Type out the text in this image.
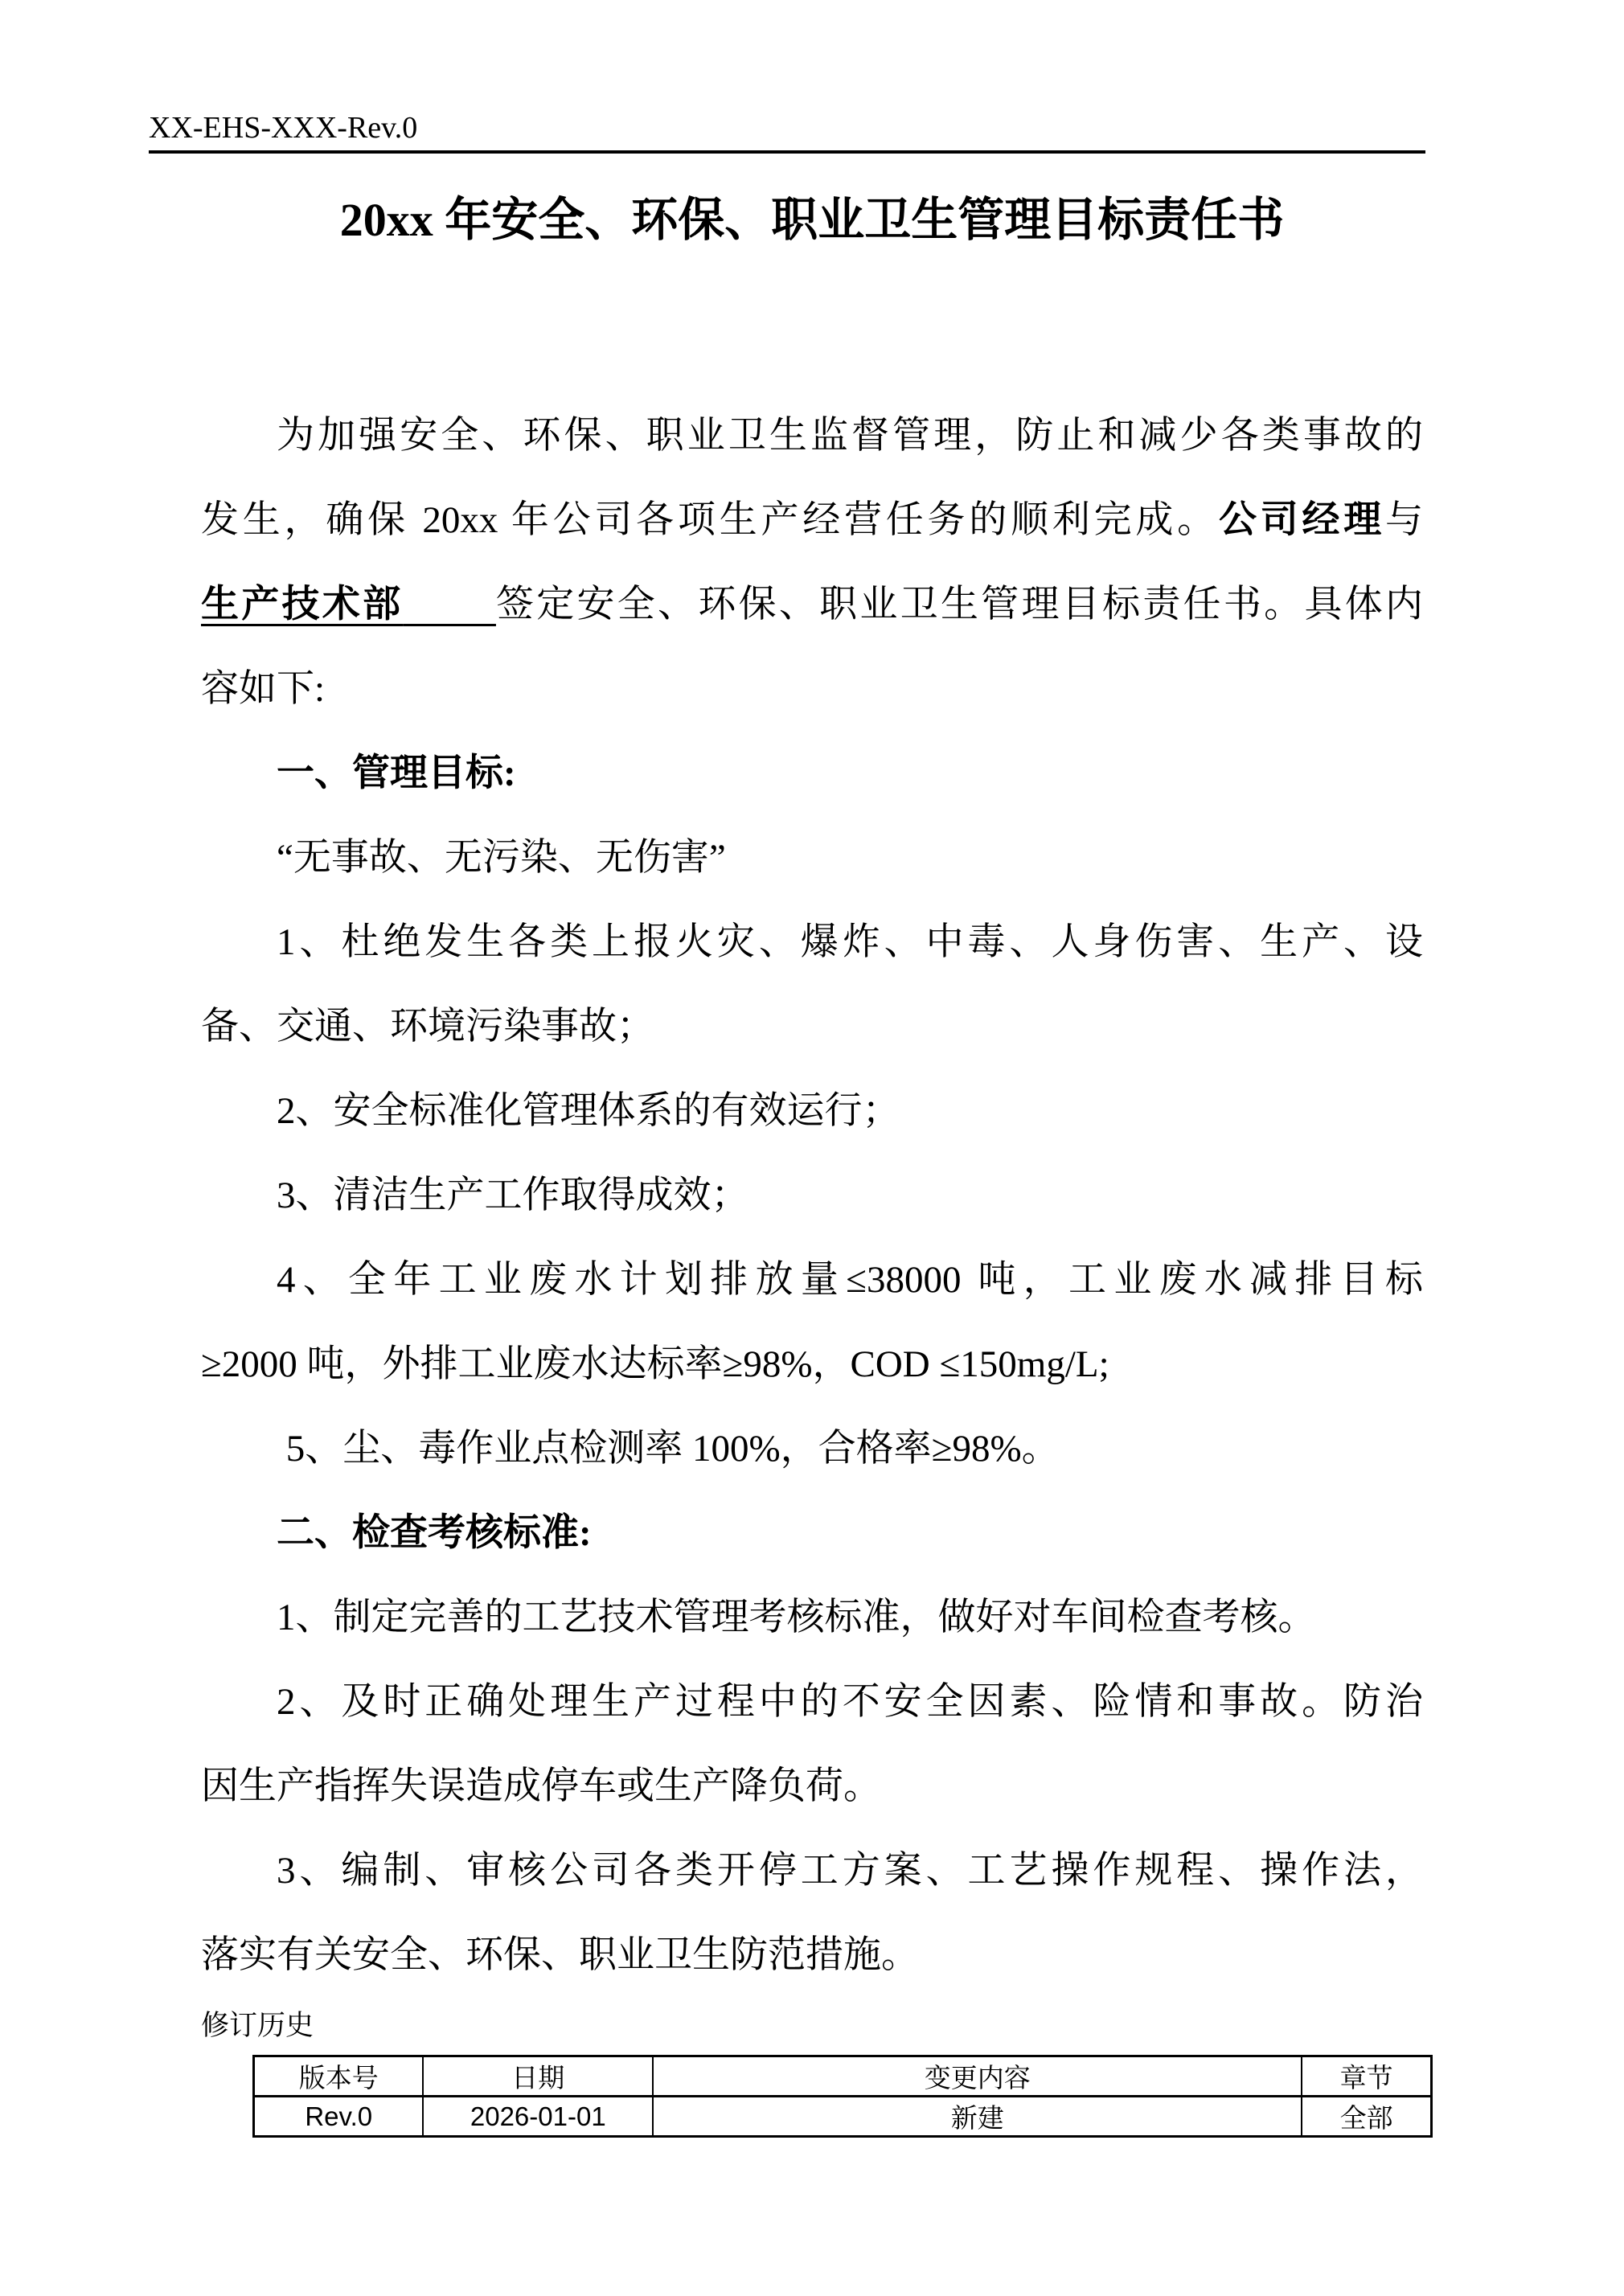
XX-EHS-XXX-Rev.0
20xx 年安全、环保、职业卫生管理目标责任书
为加强安全、环保、职业卫生监督管理，防止和减少各类事故的
发生，确保 20xx 年公司各项生产经营任务的顺利完成。公司经理与
生产技术部　　 签定安全、环保、职业卫生管理目标责任书。具体内
容如下:
一、管理目标:
“无事故、无污染、无伤害”
1、杜绝发生各类上报火灾、爆炸、中毒、人身伤害、生产、设
备、交通、环境污染事故；
2、安全标准化管理体系的有效运行；
3、清洁生产工作取得成效；
4、全年工业废水计划排放量≤38000 吨，工业废水减排目标
≥2000 吨，外排工业废水达标率≥98%，COD ≤150mg/L;
5、尘、毒作业点检测率 100%，合格率≥98%。
二、检查考核标准:
1、制定完善的工艺技术管理考核标准，做好对车间检查考核。
2、及时正确处理生产过程中的不安全因素、险情和事故。防治
因生产指挥失误造成停车或生产降负荷。
3、编制、审核公司各类开停工方案、工艺操作规程、操作法，
落实有关安全、环保、职业卫生防范措施。
修订历史
版本号	日期	变更内容	章节
Rev.0	2026-01-01	新建	全部
